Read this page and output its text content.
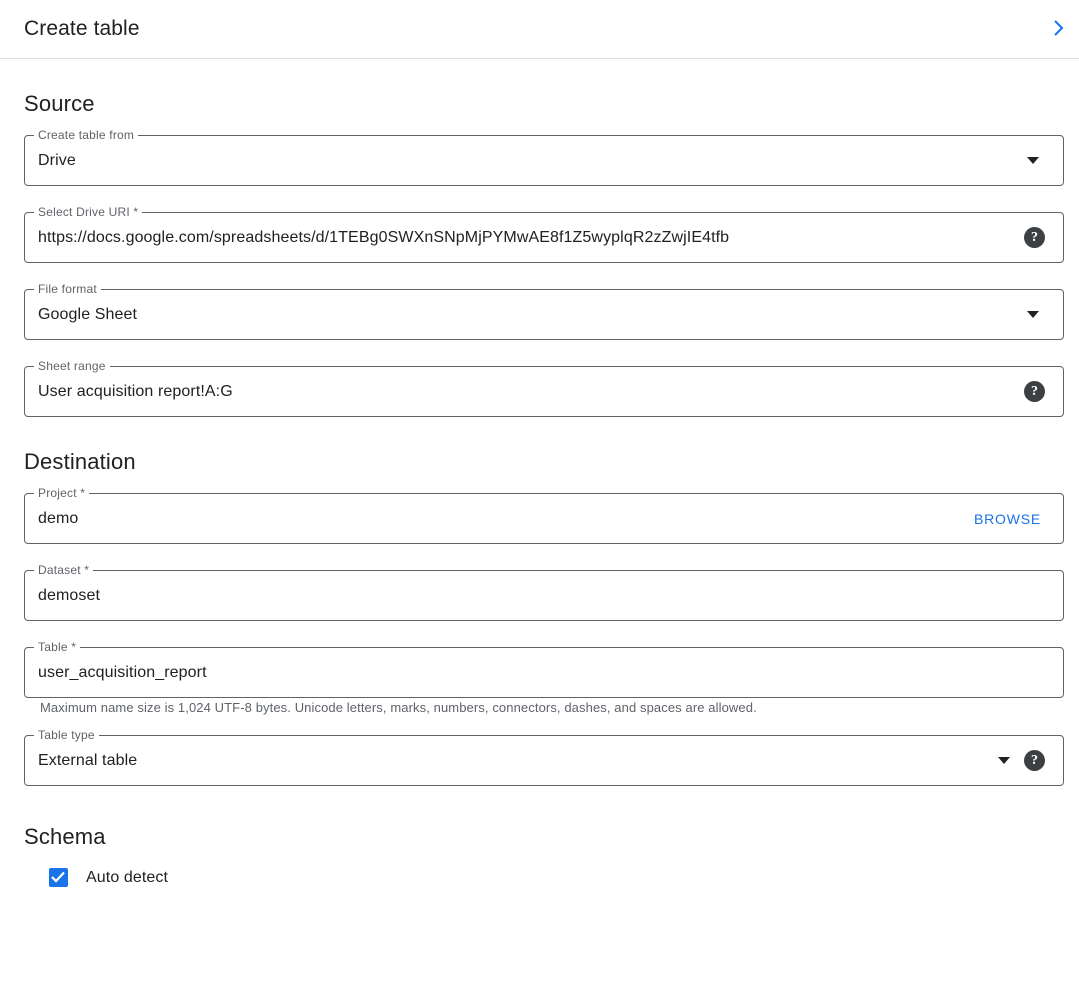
Create table
Source
Create table from
Drive
Select Drive URI *
https://docs.google.com/spreadsheets/d/1TEBg0SWXnSNpMjPYMwAE8f1Z5wyplqR2zZwjIE4tfb	?
File format
Google Sheet
Sheet range
User acquisition report!A:G	?
Destination
Project *
demo	BROWSE
Dataset *
demoset
Table *
user_acquisition_report
Maximum name size is 1,024 UTF-8 bytes. Unicode letters, marks, numbers, connectors, dashes, and spaces are allowed.
Table type
External table	?
Schema
Auto detect
